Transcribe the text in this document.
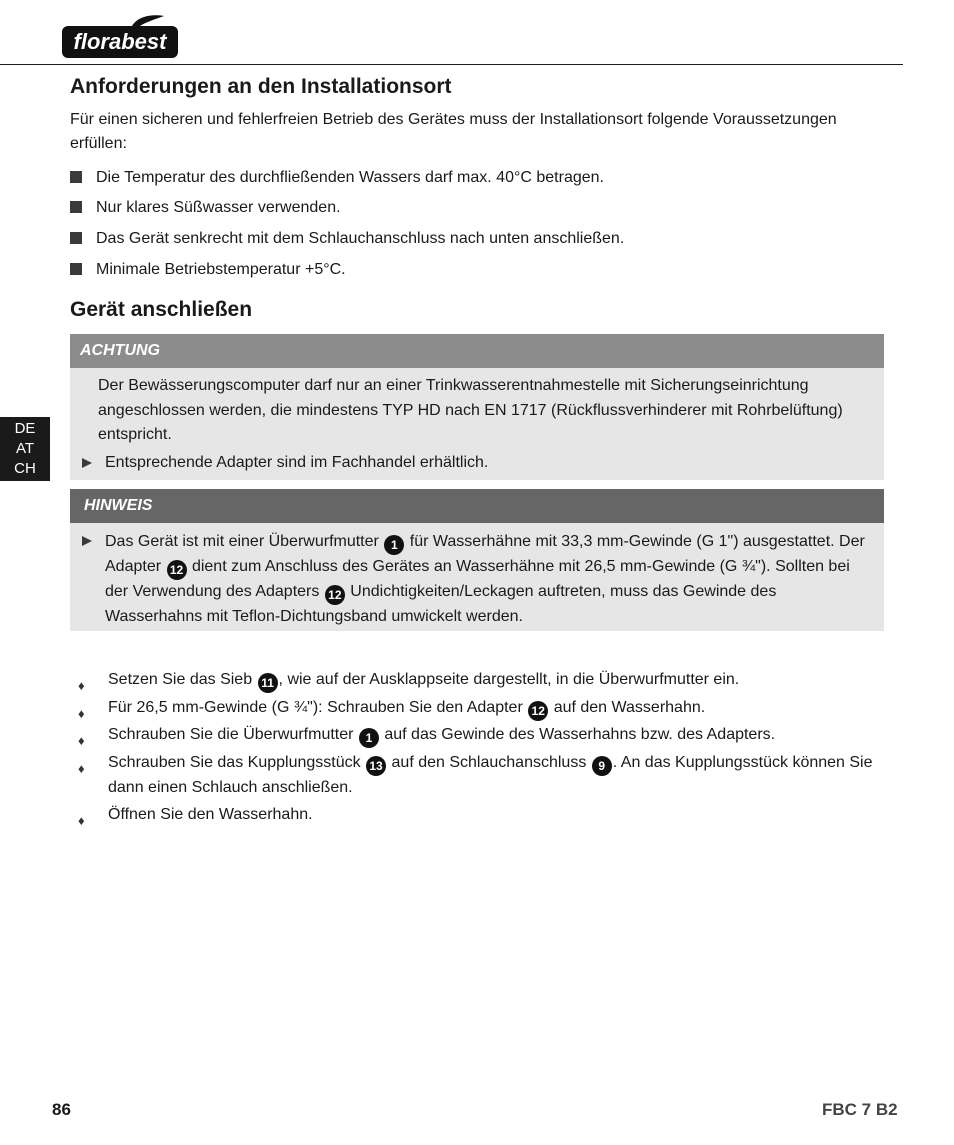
florabest
Anforderungen an den Installationsort

Für einen sicheren und fehlerfreien Betrieb des Gerätes muss der Installationsort folgende Voraussetzungen erfüllen:

Die Temperatur des durchfließenden Wassers darf max. 40°C betragen.
Nur klares Süßwasser verwenden.
Das Gerät senkrecht mit dem Schlauchanschluss nach unten anschließen.
Minimale Betriebstemperatur +5°C.
Gerät anschließen
ACHTUNG
Der Bewässerungscomputer darf nur an einer Trinkwasserentnahmestelle mit Sicherungseinrichtung angeschlossen werden, die mindestens TYP HD nach EN 1717 (Rückflussverhinderer mit Rohrbelüftung) entspricht.
Entsprechende Adapter sind im Fachhandel erhältlich.
HINWEIS
Das Gerät ist mit einer Überwurfmutter 1 für Wasserhähne mit 33,3 mm-Gewinde (G 1") ausgestattet. Der Adapter 12 dient zum Anschluss des Gerätes an Wasserhähne mit 26,5 mm-Gewinde (G ¾"). Sollten bei der Verwendung des Adapters 12 Undichtigkeiten/Leckagen auftreten, muss das Gewinde des Wasserhahns mit Teflon-Dichtungsband umwickelt werden.
♦	Setzen Sie das Sieb 11 , wie auf der Ausklappseite dargestellt, in die Überwurfmutter ein.
♦	Für 26,5 mm-Gewinde (G ¾"): Schrauben Sie den Adapter 12 auf den Wasserhahn.
♦	Schrauben Sie die Überwurfmutter 1 auf das Gewinde des Wasserhahns bzw. des Adapters.
♦	Schrauben Sie das Kupplungsstück 13 auf den Schlauchanschluss 9 . An das Kupplungsstück können Sie dann einen Schlauch anschließen.
♦	Öffnen Sie den Wasserhahn.
DE
AT
CH
86	FBC 7 B2
